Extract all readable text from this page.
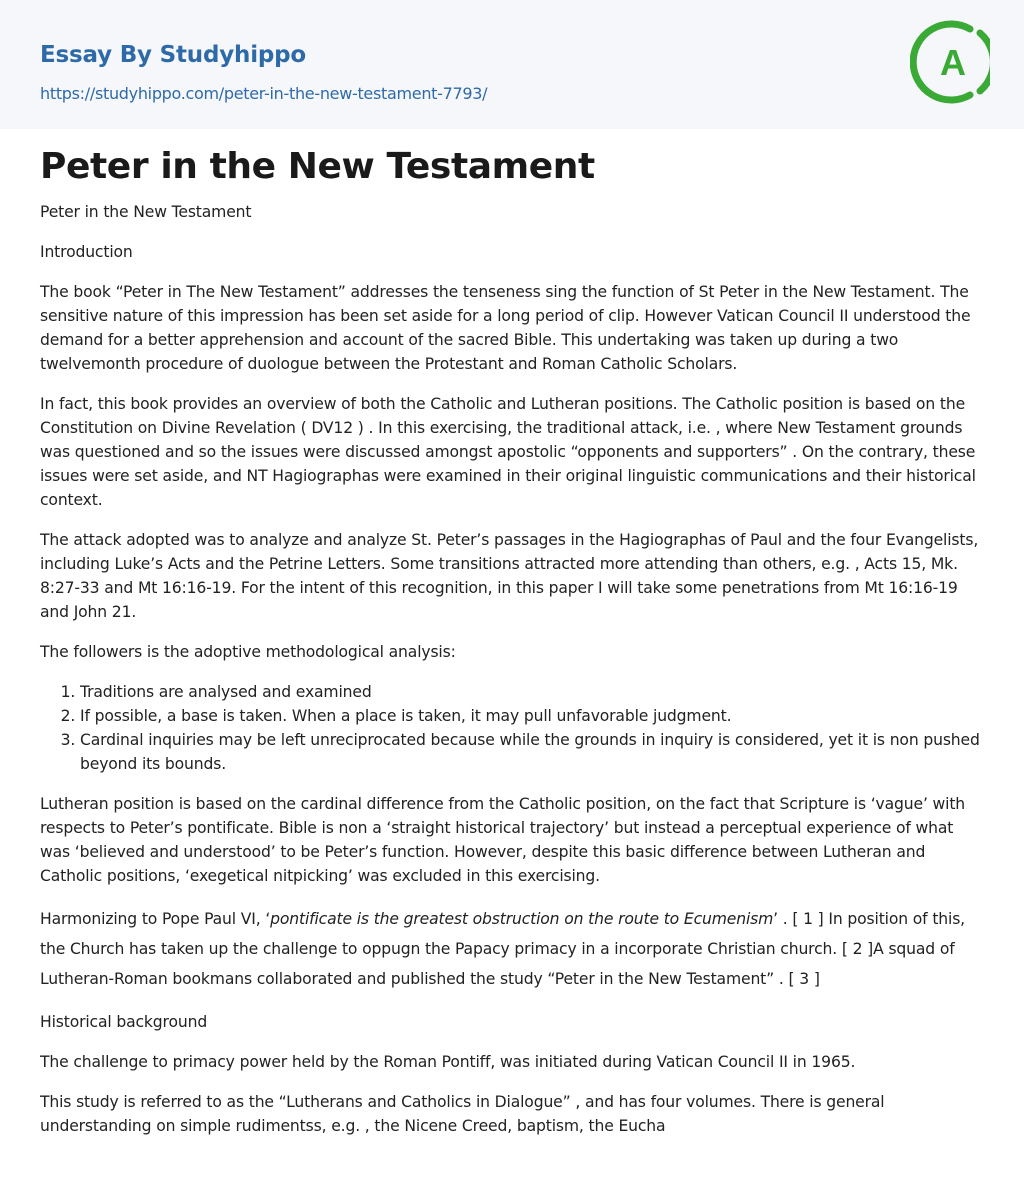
Essay By Studyhippo
https://studyhippo.com/peter-in-the-new-testament-7793/
A
Peter in the New Testament

Peter in the New Testament

Introduction

The book “Peter in The New Testament” addresses the tenseness sing the function of St Peter in the New Testament. The sensitive nature of this impression has been set aside for a long period of clip. However Vatican Council II understood the demand for a better apprehension and account of the sacred Bible. This undertaking was taken up during a two twelvemonth procedure of duologue between the Protestant and Roman Catholic Scholars.

In fact, this book provides an overview of both the Catholic and Lutheran positions. The Catholic position is based on the Constitution on Divine Revelation ( DV12 ) . In this exercising, the traditional attack, i.e. , where New Testament grounds was questioned and so the issues were discussed amongst apostolic “opponents and supporters” . On the contrary, these issues were set aside, and NT Hagiographas were examined in their original linguistic communications and their historical context.

The attack adopted was to analyze and analyze St. Peter’s passages in the Hagiographas of Paul and the four Evangelists, including Luke’s Acts and the Petrine Letters. Some transitions attracted more attending than others, e.g. , Acts 15, Mk. 8:27-33 and Mt 16:16-19. For the intent of this recognition, in this paper I will take some penetrations from Mt 16:16-19 and John 21.

The followers is the adoptive methodological analysis:

1. Traditions are analysed and examined
2. If possible, a base is taken. When a place is taken, it may pull unfavorable judgment.
3. Cardinal inquiries may be left unreciprocated because while the grounds in inquiry is considered, yet it is non pushed beyond its bounds.

Lutheran position is based on the cardinal difference from the Catholic position, on the fact that Scripture is ‘vague’ with respects to Peter’s pontificate. Bible is non a ‘straight historical trajectory’ but instead a perceptual experience of what was ‘believed and understood’ to be Peter’s function. However, despite this basic difference between Lutheran and Catholic positions, ‘exegetical nitpicking’ was excluded in this exercising.

Harmonizing to Pope Paul VI, ‘pontificate is the greatest obstruction on the route to Ecumenism’ . [ 1 ] In position of this, the Church has taken up the challenge to oppugn the Papacy primacy in a incorporate Christian church. [ 2 ]A squad of Lutheran-Roman bookmans collaborated and published the study “Peter in the New Testament” . [ 3 ]

Historical background

The challenge to primacy power held by the Roman Pontiff, was initiated during Vatican Council II in 1965.

This study is referred to as the “Lutherans and Catholics in Dialogue” , and has four volumes. There is general understanding on simple rudimentss, e.g. , the Nicene Creed, baptism, the Eucha
